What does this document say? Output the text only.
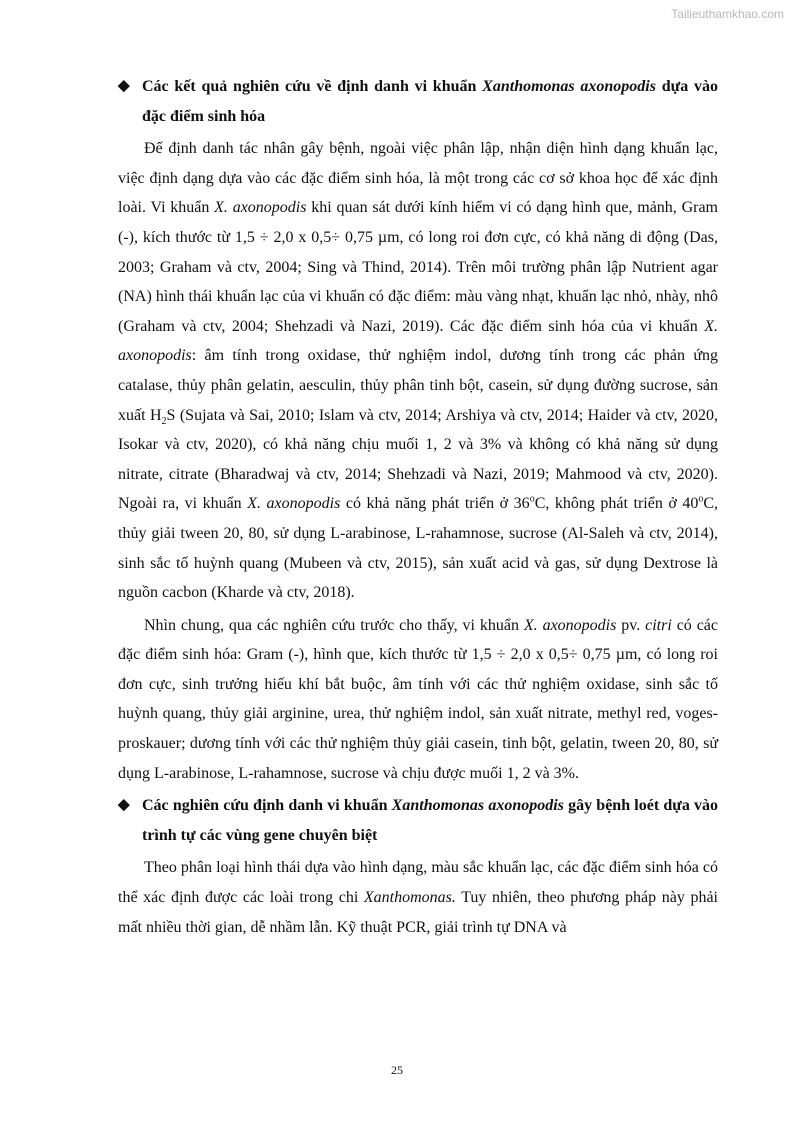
Tailieuthamkhao.com
◆ Các kết quả nghiên cứu về định danh vi khuẩn Xanthomonas axonopodis dựa vào đặc điểm sinh hóa

Để định danh tác nhân gây bệnh, ngoài việc phân lập, nhận diện hình dạng khuẩn lạc, việc định dạng dựa vào các đặc điểm sinh hóa, là một trong các cơ sở khoa học để xác định loài. Vi khuẩn X. axonopodis khi quan sát dưới kính hiểm vi có dạng hình que, mảnh, Gram (-), kích thước từ 1,5 ÷ 2,0 x 0,5÷ 0,75 µm, có long roi đơn cực, có khả năng di động (Das, 2003; Graham và ctv, 2004; Sing và Thind, 2014). Trên môi trường phân lập Nutrient agar (NA) hình thái khuẩn lạc của vi khuẩn có đặc điểm: màu vàng nhạt, khuẩn lạc nhỏ, nhày, nhô (Graham và ctv, 2004; Shehzadi và Nazi, 2019). Các đặc điểm sinh hóa của vi khuẩn X. axonopodis: âm tính trong oxidase, thử nghiệm indol, dương tính trong các phản ứng catalase, thủy phân gelatin, aesculin, thủy phân tinh bột, casein, sử dụng đường sucrose, sản xuất $H_2S$ (Sujata và Sai, 2010; Islam và ctv, 2014; Arshiya và ctv, 2014; Haider và ctv, 2020, Isokar và ctv, 2020), có khả năng chịu muối 1, 2 và 3% và không có khả năng sử dụng nitrate, citrate (Bharadwaj và ctv, 2014; Shehzadi và Nazi, 2019; Mahmood và ctv, 2020). Ngoài ra, vi khuẩn X. axonopodis có khả năng phát triển ở 36$^o$C, không phát triển ở 40$^o$C, thủy giải tween 20, 80, sử dụng L-arabinose, L-rahamnose, sucrose (Al-Saleh và ctv, 2014), sinh sắc tố huỳnh quang (Mubeen và ctv, 2015), sản xuất acid và gas, sử dụng Dextrose là nguồn cacbon (Kharde và ctv, 2018).

Nhìn chung, qua các nghiên cứu trước cho thấy, vi khuẩn X. axonopodis pv. citri có các đặc điểm sinh hóa: Gram (-), hình que, kích thước từ 1,5 ÷ 2,0 x 0,5÷ 0,75 µm, có long roi đơn cực, sinh trưởng hiếu khí bắt buộc, âm tính với các thử nghiệm oxidase, sinh sắc tố huỳnh quang, thủy giải arginine, urea, thử nghiệm indol, sản xuất nitrate, methyl red, voges-proskauer; dương tính với các thử nghiệm thủy giải casein, tinh bột, gelatin, tween 20, 80, sử dụng L-arabinose, L-rahamnose, sucrose và chịu được muối 1, 2 và 3%.

◆ Các nghiên cứu định danh vi khuẩn Xanthomonas axonopodis gây bệnh loét dựa vào trình tự các vùng gene chuyên biệt

Theo phân loại hình thái dựa vào hình dạng, màu sắc khuẩn lạc, các đặc điểm sinh hóa có thể xác định được các loài trong chi Xanthomonas. Tuy nhiên, theo phương pháp này phải mất nhiều thời gian, dễ nhầm lẫn. Kỹ thuật PCR, giải trình tự DNA và

25
